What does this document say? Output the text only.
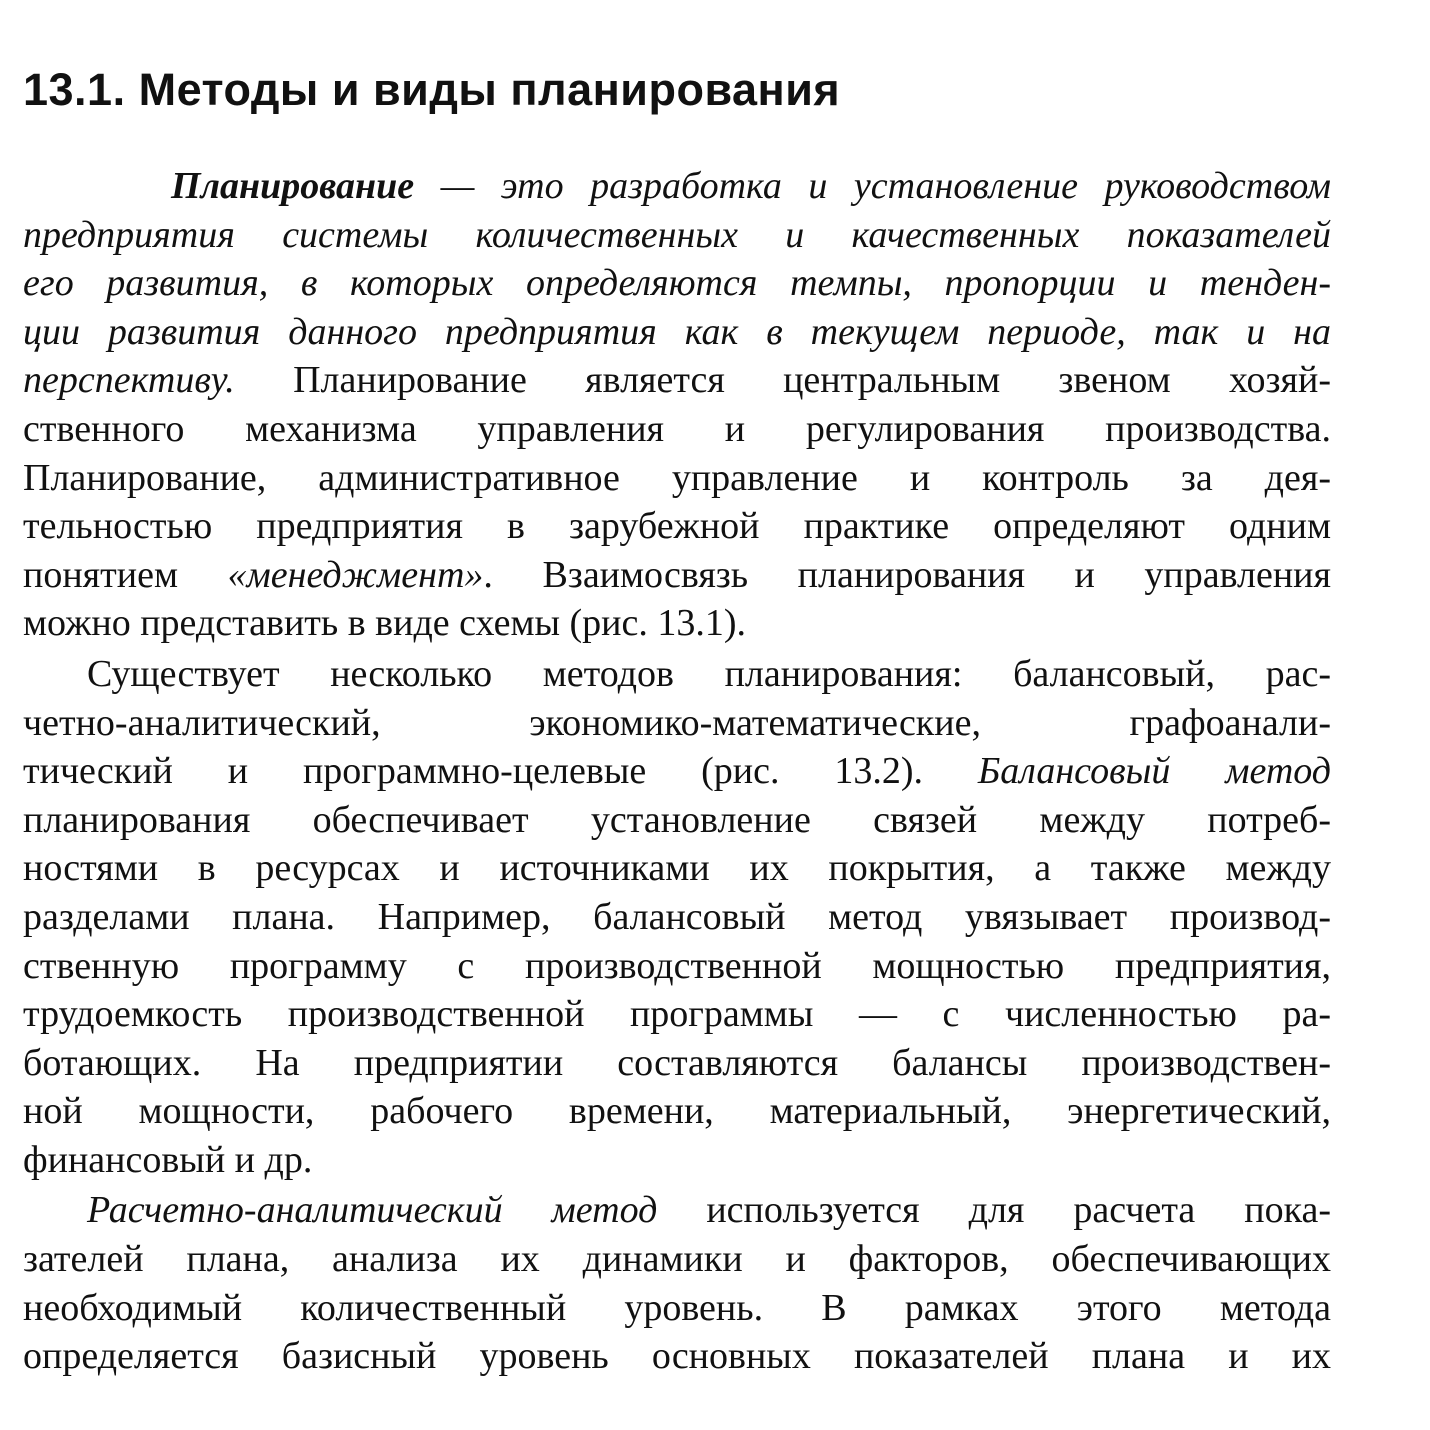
13.1. Методы и виды планирования

Планирование — это разработка и установление руководством
предприятия системы количественных и качественных показателей
его развития, в которых определяются темпы, пропорции и тенден-
ции развития данного предприятия как в текущем периоде, так и на
перспективу. Планирование является центральным звеном хозяй-
ственного механизма управления и регулирования производства.
Планирование, административное управление и контроль за дея-
тельностью предприятия в зарубежной практике определяют одним
понятием «менеджмент». Взаимосвязь планирования и управления
можно представить в виде схемы (рис. 13.1).

Существует несколько методов планирования: балансовый, рас-
четно-аналитический, экономико-математические, графоанали-
тический и программно-целевые (рис. 13.2). Балансовый метод
планирования обеспечивает установление связей между потреб-
ностями в ресурсах и источниками их покрытия, а также между
разделами плана. Например, балансовый метод увязывает производ-
ственную программу с производственной мощностью предприятия,
трудоемкость производственной программы — с численностью ра-
ботающих. На предприятии составляются балансы производствен-
ной мощности, рабочего времени, материальный, энергетический,
финансовый и др.

Расчетно-аналитический метод используется для расчета пока-
зателей плана, анализа их динамики и факторов, обеспечивающих
необходимый количественный уровень. В рамках этого метода
определяется базисный уровень основных показателей плана и их
